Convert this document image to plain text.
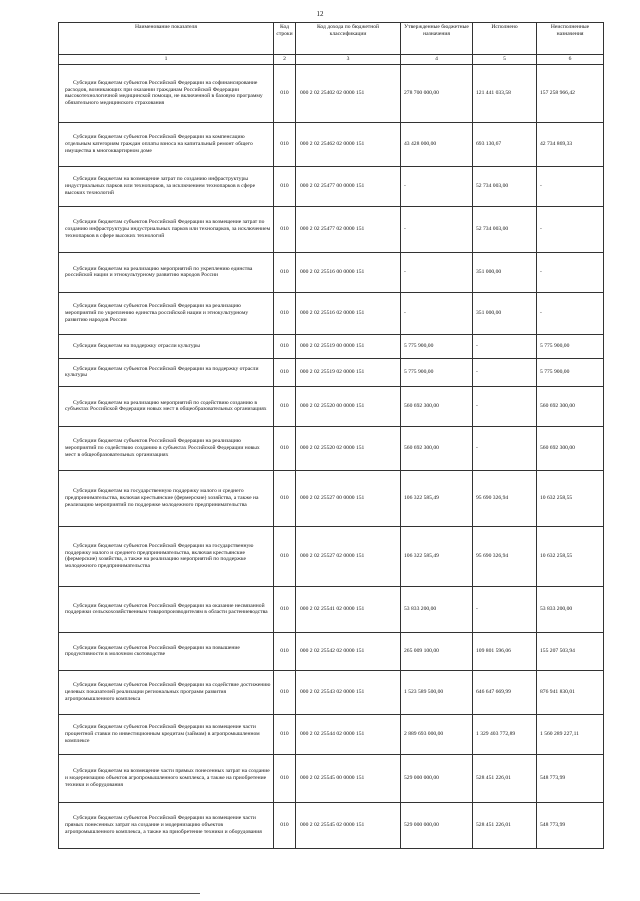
12
Наименование показателя	Код строки	Код дохода по бюджетной классификации	Утвержденные бюджетные назначения	Исполнено	Неисполненные назначения
1	2	3	4	5	6

Субсидии бюджетам субъектов Российской Федерации на софинансирование расходов, возникающих при оказании гражданам Российской Федерации высокотехнологичной медицинской помощи, не включенной в базовую программу обязательного медицинского страхования	010	000 2 02 25402 02 0000 151	278 700 000,00	121 441 033,58	157 258 966,42

Субсидии бюджетам субъектов Российской Федерации на компенсацию отдельным категориям граждан оплаты взноса на капитальный ремонт общего имущества в многоквартирном доме	010	000 2 02 25462 02 0000 151	43 428 000,00	693 130,67	42 734 869,33

Субсидии бюджетам на возмещение затрат по созданию инфраструктуры индустриальных парков или технопарков, за исключением технопарков в сфере высоких технологий	010	000 2 02 25477 00 0000 151	-	52 734 003,00	-

Субсидии бюджетам субъектов Российской Федерации на возмещение затрат по созданию инфраструктуры индустриальных парков или технопарков, за исключением технопарков в сфере высоких технологий	010	000 2 02 25477 02 0000 151	-	52 734 003,00	-

Субсидии бюджетам на реализацию мероприятий по укреплению единства российской нации и этнокультурному развитию народов России	010	000 2 02 25516 00 0000 151	-	351 000,00	-

Субсидии бюджетам субъектов Российской Федерации на реализацию мероприятий по укреплению единства российской нации и этнокультурному развитию народов России	010	000 2 02 25516 02 0000 151	-	351 000,00	-

Субсидии бюджетам на поддержку отрасли культуры	010	000 2 02 25519 00 0000 151	5 775 900,00	-	5 775 900,00

Субсидии бюджетам субъектов Российской Федерации на поддержку отрасли культуры	010	000 2 02 25519 02 0000 151	5 775 900,00	-	5 775 900,00

Субсидии бюджетам на реализацию мероприятий по содействию созданию в субъектах Российской Федерации новых мест в общеобразовательных организациях	010	000 2 02 25520 00 0000 151	560 692 300,00	-	560 692 300,00

Субсидии бюджетам субъектов Российской Федерации на реализацию мероприятий по содействию созданию в субъектах Российской Федерации новых мест в общеобразовательных организациях	010	000 2 02 25520 02 0000 151	560 692 300,00	-	560 692 300,00

Субсидии бюджетам на государственную поддержку малого и среднего предпринимательства, включая крестьянские (фермерские) хозяйства, а также на реализацию мероприятий по поддержке молодежного предпринимательства	010	000 2 02 25527 00 0000 151	106 322 585,49	95 690 326,94	10 632 258,55

Субсидии бюджетам субъектов Российской Федерации на государственную поддержку малого и среднего предпринимательства, включая крестьянские (фермерские) хозяйства, а также на реализацию мероприятий по поддержке молодежного предпринимательства	010	000 2 02 25527 02 0000 151	106 322 585,49	95 690 326,94	10 632 258,55

Субсидии бюджетам субъектов Российской Федерации на оказание несвязанной поддержки сельскохозяйственным товаропроизводителям в области растениеводства	010	000 2 02 25541 02 0000 151	53 833 200,00	-	53 833 200,00

Субсидии бюджетам субъектов Российской Федерации на повышение продуктивности в молочном скотоводстве	010	000 2 02 25542 02 0000 151	265 009 100,00	109 801 596,06	155 207 503,94

Субсидии бюджетам субъектов Российской Федерации на содействие достижению целевых показателей реализации региональных программ развития агропромышленного комплекса	010	000 2 02 25543 02 0000 151	1 523 589 500,00	646 647 669,99	876 941 830,01

Субсидии бюджетам субъектов Российской Федерации на возмещение части процентной ставки по инвестиционным кредитам (займам) в агропромышленном комплексе	010	000 2 02 25544 02 0000 151	2 889 693 000,00	1 329 403 772,89	1 560 289 227,11

Субсидии бюджетам на возмещение части прямых понесенных затрат на создание и модернизацию объектов агропромышленного комплекса, а также на приобретение техники и оборудования	010	000 2 02 25545 00 0000 151	529 000 000,00	528 451 226,01	548 773,99

Субсидии бюджетам субъектов Российской Федерации на возмещение части прямых понесенных затрат на создание и модернизацию объектов агропромышленного комплекса, а также на приобретение техники и оборудования	010	000 2 02 25545 02 0000 151	529 000 000,00	528 451 226,01	548 773,99
